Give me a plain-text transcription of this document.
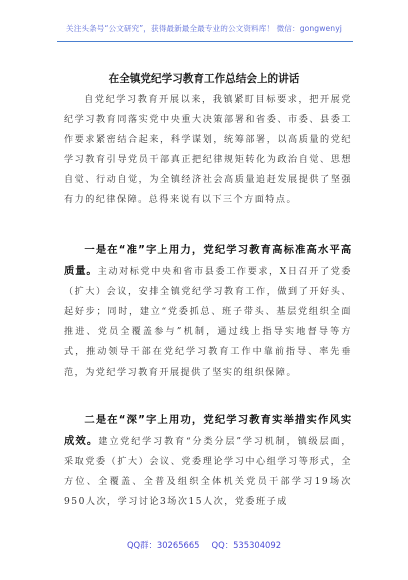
关注头条号“公文研究”，获得最新最全最专业的公文资料库！ 微信：gongwenyj
在全镇党纪学习教育工作总结会上的讲话

自党纪学习教育开展以来，我镇紧盯目标要求，把开展党纪学习教育同落实党中央重大决策部署和省委、市委、县委工作要求紧密结合起来，科学谋划，统筹部署，以高质量的党纪学习教育引导党员干部真正把纪律规矩转化为政治自觉、思想自觉、行动自觉，为全镇经济社会高质量追赶发展提供了坚强有力的纪律保障。总得来说有以下三个方面特点。

一是在“准”字上用力，党纪学习教育高标准高水平高质量。主动对标党中央和省市县委工作要求，X日召开了党委（扩大）会议，安排全镇党纪学习教育工作，做到了开好头、起好步；同时，建立“党委抓总、班子带头、基层党组织全面推进、党员全覆盖参与”机制，通过线上指导实地督导等方式，推动领导干部在党纪学习教育工作中靠前指导、率先垂范，为党纪学习教育开展提供了坚实的组织保障。

二是在“深”字上用功，党纪学习教育实举措实作风实成效。建立党纪学习教育“分类分层”学习机制，镇级层面，采取党委（扩大）会议、党委理论学习中心组学习等形式，全方位、全覆盖、全普及组织全体机关党员干部学习19场次950人次，学习讨论3场次15人次，党委班子成

QQ群：30265665 QQ：535304092
